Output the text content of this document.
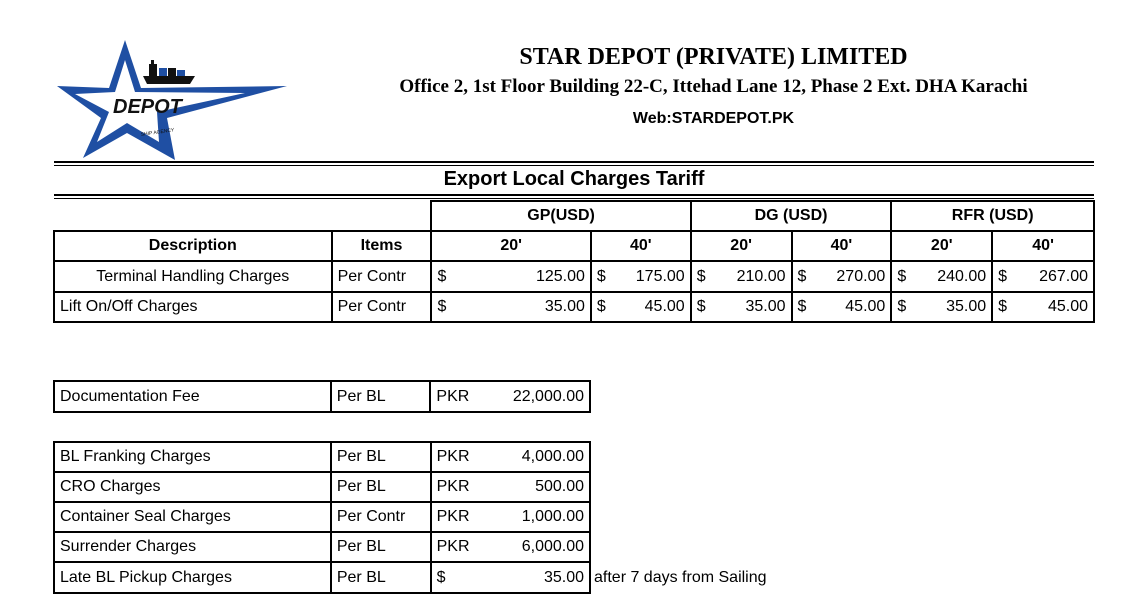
DEPOT
SHIP AGENCY
STAR DEPOT (PRIVATE) LIMITED
Office 2, 1st Floor Building 22-C, Ittehad Lane 12, Phase 2 Ext. DHA Karachi
Web:STARDEPOT.PK
Export Local Charges Tariff
		GP(USD)		DG (USD)		RFR (USD)	
Description	Items	20'	40'	20'	40'	20'	40'
Terminal Handling Charges	Per Contr	$ 125.00	$ 175.00	$ 210.00	$ 270.00	$ 240.00	$ 267.00

Lift On/Off Charges	Per Contr	$ 35.00	$ 45.00	$ 35.00	$ 45.00	$ 35.00	$ 45.00
Documentation Fee	Per BL	PKR	22,000.00
BL Franking Charges	Per BL	PKR 4,000.00

CRO Charges	Per BL	PKR 500.00

Container Seal Charges	Per Contr	PKR 1,000.00

Surrender Charges	Per BL	PKR 6,000.00

Late BL Pickup Charges	Per BL	$ 35.00 after 7 days from Sailing
